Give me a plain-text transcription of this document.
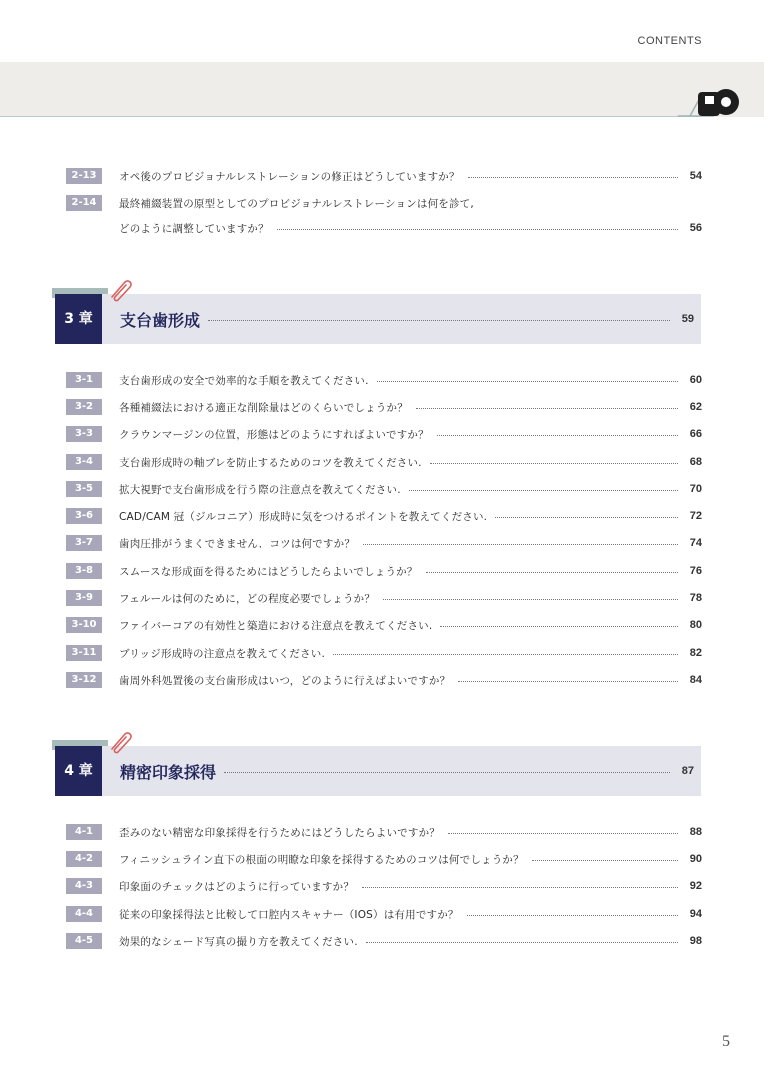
CONTENTS
2-13	オペ後のプロビジョナルレストレーションの修正はどうしていますか？	54
2-14	最終補綴装置の原型としてのプロビジョナルレストレーションは何を診て,
どのように調整していますか？	56
3 章	支台歯形成	59
3-1	支台歯形成の安全で効率的な手順を教えてください.	60
3-2	各種補綴法における適正な削除量はどのくらいでしょうか？	62
3-3	クラウンマージンの位置，形態はどのようにすればよいですか？	66
3-4	支台歯形成時の軸ブレを防止するためのコツを教えてください.	68
3-5	拡大視野で支台歯形成を行う際の注意点を教えてください.	70
3-6	CAD/CAM 冠（ジルコニア）形成時に気をつけるポイントを教えてください.	72
3-7	歯肉圧排がうまくできません．コツは何ですか？	74
3-8	スムースな形成面を得るためにはどうしたらよいでしょうか？	76
3-9	フェルールは何のために，どの程度必要でしょうか？	78
3-10	ファイバーコアの有効性と築造における注意点を教えてください.	80
3-11	ブリッジ形成時の注意点を教えてください.	82
3-12	歯周外科処置後の支台歯形成はいつ，どのように行えばよいですか？	84
4 章	精密印象採得	87
4-1	歪みのない精密な印象採得を行うためにはどうしたらよいですか？	88
4-2	フィニッシュライン直下の根面の明瞭な印象を採得するためのコツは何でしょうか？	90
4-3	印象面のチェックはどのように行っていますか？	92
4-4	従来の印象採得法と比較して口腔内スキャナー（IOS）は有用ですか？	94
4-5	効果的なシェード写真の撮り方を教えてください.	98
5
